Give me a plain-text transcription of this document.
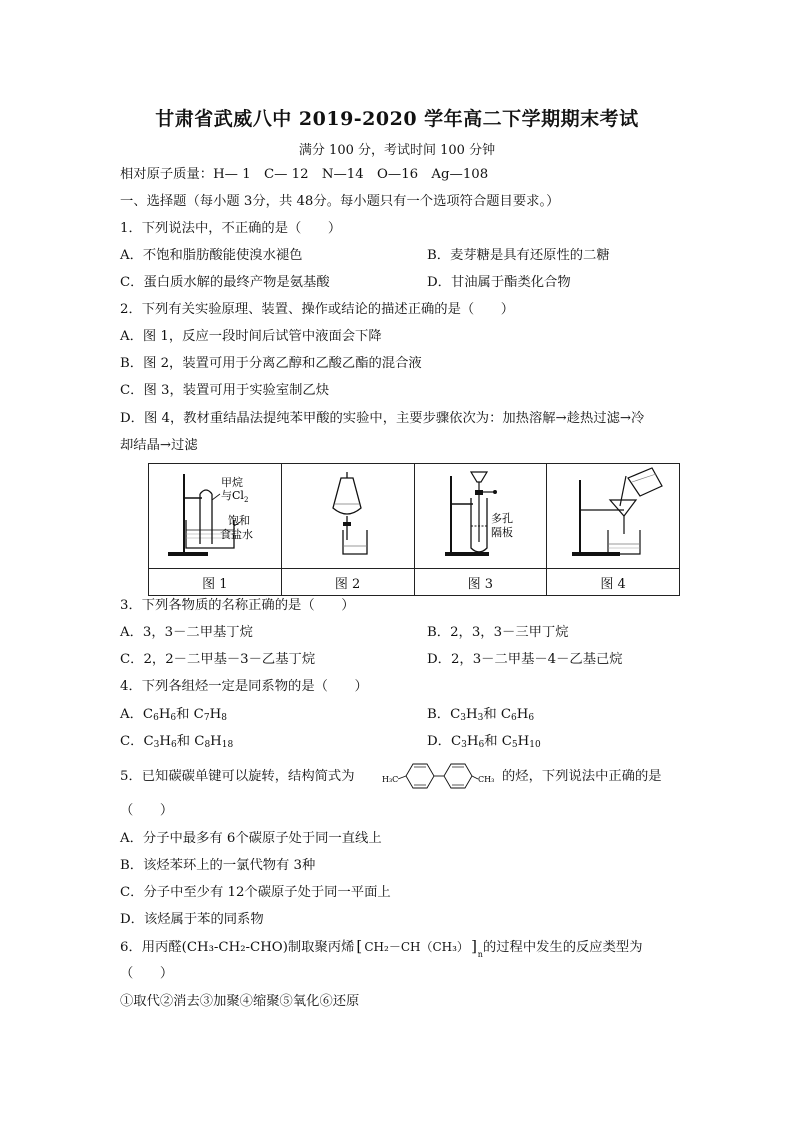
甘肃省武威八中 2019-2020 学年高二下学期期末考试
满分 100 分，考试时间 100 分钟
相对原子质量：H— 1　C— 12　N—14　O—16　Ag—108
一、选择题（每小题 3分，共 48分。每小题只有一个选项符合题目要求。）
1．下列说法中，不正确的是（　　）
A．不饱和脂肪酸能使溴水褪色	B．麦芽糖是具有还原性的二糖
C．蛋白质水解的最终产物是氨基酸	D．甘油属于酯类化合物
2．下列有关实验原理、装置、操作或结论的描述正确的是（　　）
A．图 1，反应一段时间后试管中液面会下降
B．图 2，装置可用于分离乙醇和乙酸乙酯的混合液
C．图 3，装置可用于实验室制乙炔
D．图 4，教材重结晶法提纯苯甲酸的实验中，主要步骤依次为：加热溶解→趁热过滤→冷
却结晶→过滤
甲烷
与$Cl_2$
饱和
食盐水		多孔
隔板

图 1	图 2	图 3	图 4
3．下列各物质的名称正确的是（　　）
A．3，3－二甲基丁烷	B．2，3，3－三甲丁烷
C．2，2－二甲基－3－乙基丁烷	D．2，3－二甲基－4－乙基己烷
4．下列各组烃一定是同系物的是（　　）
A．$C_6H_6$和 $C_7H_8$	B．$C_3H_3$和 $C_6H_6$
C．$C_3H_6$和 $C_8H_{18}$	D．$C_3H_6$和 $C_5H_{10}$
5．已知碳碳单键可以旋转，结构简式为	H₃C	CH₃ 的烃，下列说法中正确的是
（　　）
A．分子中最多有 6个碳原子处于同一直线上
B．该烃苯环上的一氯代物有 3种
C．分子中至少有 12个碳原子处于同一平面上
D．该烃属于苯的同系物
6．用丙醛(CH₃-CH₂-CHO)制取聚丙烯 [ CH₂－CH（CH₃） ] n 的过程中发生的反应类型为
（　　）
①取代②消去③加聚④缩聚⑤氧化⑥还原
